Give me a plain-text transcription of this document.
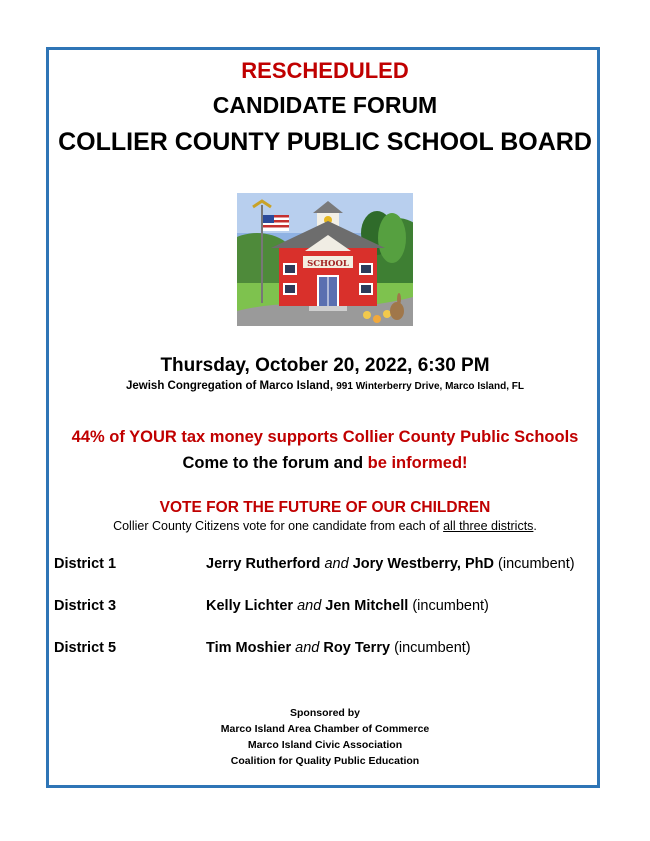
RESCHEDULED
CANDIDATE FORUM
COLLIER COUNTY PUBLIC SCHOOL BOARD
SCHOOL
Thursday, October 20, 2022, 6:30 PM
Jewish Congregation of Marco Island, 991 Winterberry Drive, Marco Island, FL
44% of YOUR tax money supports Collier County Public Schools
Come to the forum and be informed!
VOTE FOR THE FUTURE OF OUR CHILDREN
Collier County Citizens vote for one candidate from each of all three districts.
District 1	Jerry Rutherford and Jory Westberry, PhD (incumbent)
District 3	Kelly Lichter and Jen Mitchell (incumbent)
District 5	Tim Moshier and Roy Terry (incumbent)
Sponsored by
Marco Island Area Chamber of Commerce
Marco Island Civic Association
Coalition for Quality Public Education
